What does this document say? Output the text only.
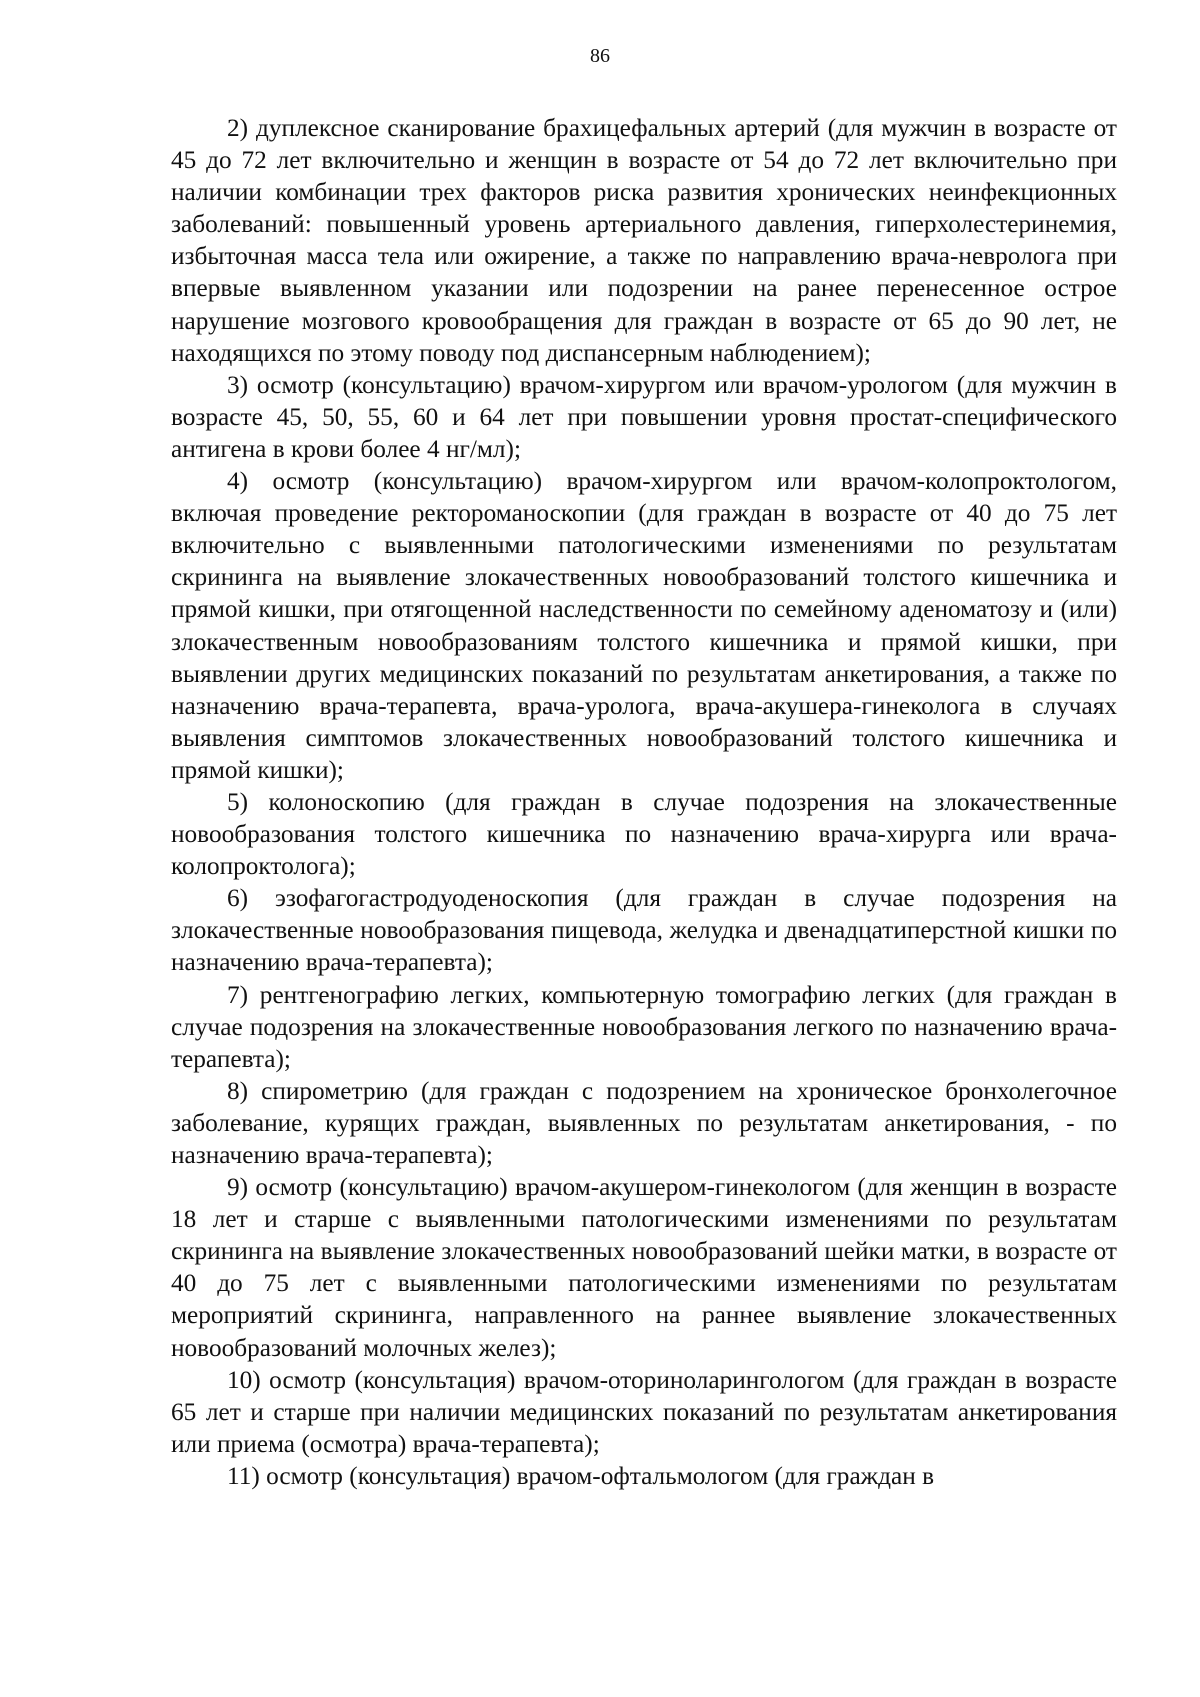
86

2) дуплексное сканирование брахицефальных артерий (для мужчин в возрасте от 45 до 72 лет включительно и женщин в возрасте от 54 до 72 лет включительно при наличии комбинации трех факторов риска развития хронических неинфекционных заболеваний: повышенный уровень артериального давления, гиперхолестеринемия, избыточная масса тела или ожирение, а также по направлению врача-невролога при впервые выявленном указании или подозрении на ранее перенесенное острое нарушение мозгового кровообращения для граждан в возрасте от 65 до 90 лет, не находящихся по этому поводу под диспансерным наблюдением);

3) осмотр (консультацию) врачом-хирургом или врачом-урологом (для мужчин в возрасте 45, 50, 55, 60 и 64 лет при повышении уровня простат-специфического антигена в крови более 4 нг/мл);

4) осмотр (консультацию) врачом-хирургом или врачом-колопроктологом, включая проведение ректороманоскопии (для граждан в возрасте от 40 до 75 лет включительно с выявленными патологическими изменениями по результатам скрининга на выявление злокачественных новообразований толстого кишечника и прямой кишки, при отягощенной наследственности по семейному аденоматозу и (или) злокачественным новообразованиям толстого кишечника и прямой кишки, при выявлении других медицинских показаний по результатам анкетирования, а также по назначению врача-терапевта, врача-уролога, врача-акушера-гинеколога в случаях выявления симптомов злокачественных новообразований толстого кишечника и прямой кишки);

5) колоноскопию (для граждан в случае подозрения на злокачественные новообразования толстого кишечника по назначению врача-хирурга или врача-колопроктолога);

6) эзофагогастродуоденоскопия (для граждан в случае подозрения на злокачественные новообразования пищевода, желудка и двенадцатиперстной кишки по назначению врача-терапевта);

7) рентгенографию легких, компьютерную томографию легких (для граждан в случае подозрения на злокачественные новообразования легкого по назначению врача-терапевта);

8) спирометрию (для граждан с подозрением на хроническое бронхолегочное заболевание, курящих граждан, выявленных по результатам анкетирования, - по назначению врача-терапевта);

9) осмотр (консультацию) врачом-акушером-гинекологом (для женщин в возрасте 18 лет и старше с выявленными патологическими изменениями по результатам скрининга на выявление злокачественных новообразований шейки матки, в возрасте от 40 до 75 лет с выявленными патологическими изменениями по результатам мероприятий скрининга, направленного на раннее выявление злокачественных новообразований молочных желез);

10) осмотр (консультация) врачом-оториноларингологом (для граждан в возрасте 65 лет и старше при наличии медицинских показаний по результатам анкетирования или приема (осмотра) врача-терапевта);

11) осмотр (консультация) врачом-офтальмологом (для граждан в
